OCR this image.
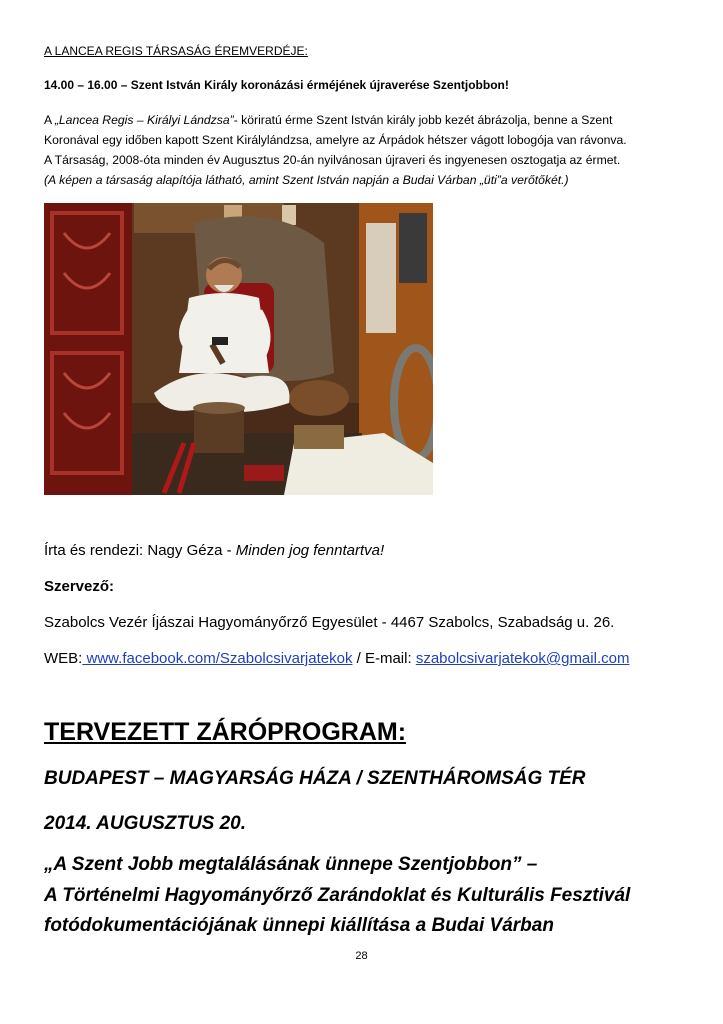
A LANCEA REGIS TÁRSASÁG ÉREMVERDÉJE:
14.00 – 16.00 – Szent István Király koronázási érméjének újraverése Szentjobbon!
A „Lancea Regis – Királyi Lándzsa”- köriratú érme Szent István király jobb kezét ábrázolja, benne a Szent
Koronával egy időben kapott Szent Királylándzsa, amelyre az Árpádok hétszer vágott lobogója van rávonva.
A Társaság, 2008-óta minden év Augusztus 20-án nyilvánosan újraveri és ingyenesen osztogatja az érmet.
(A képen a társaság alapítója látható, amint Szent István napján a Budai Várban „üti”a verőtőkét.)
Írta és rendezi: Nagy Géza - Minden jog fenntartva!
Szervező:
Szabolcs Vezér Íjászai Hagyományőrző Egyesület - 4467 Szabolcs, Szabadság u. 26.
WEB: www.facebook.com/Szabolcsivarjatekok / E-mail: szabolcsivarjatekok@gmail.com
TERVEZETT ZÁRÓPROGRAM:
BUDAPEST – MAGYARSÁG HÁZA / SZENTHÁROMSÁG TÉR
2014. AUGUSZTUS 20.
„A Szent Jobb megtalálásának ünnepe Szentjobbon” –
A Történelmi Hagyományőrző Zarándoklat és Kulturális Fesztivál
fotódokumentációjának ünnepi kiállítása a Budai Várban
28
